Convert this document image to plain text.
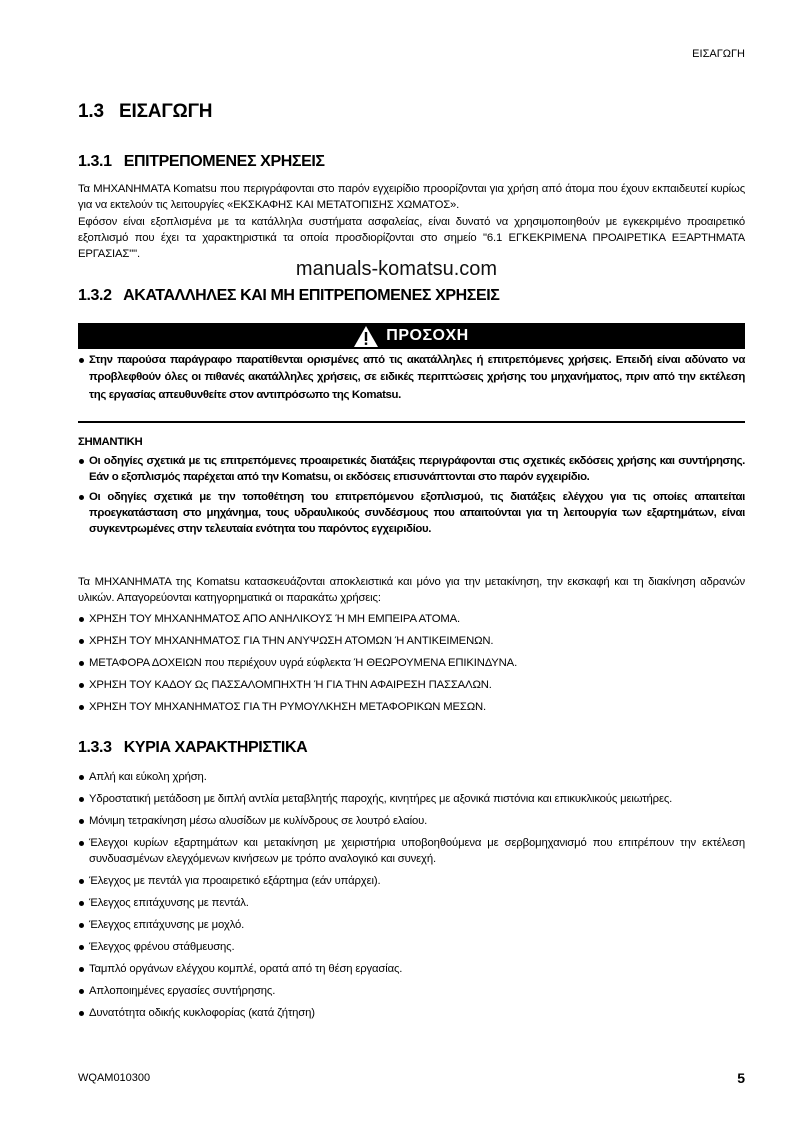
ΕΙΣΑΓΩΓΗ
1.3   ΕΙΣΑΓΩΓΗ
1.3.1   ΕΠΙΤΡΕΠΟΜΕΝΕΣ ΧΡΗΣΕΙΣ

Τα ΜΗΧΑΝΗΜΑΤΑ Komatsu που περιγράφονται στο παρόν εγχειρίδιο προορίζονται για χρήση από άτομα που έχουν εκπαιδευτεί κυρίως για να εκτελούν τις λειτουργίες «ΕΚΣΚΑΦΗΣ ΚΑΙ ΜΕΤΑΤΟΠΙΣΗΣ ΧΩΜΑΤΟΣ».

Εφόσον είναι εξοπλισμένα με τα κατάλληλα συστήματα ασφαλείας, είναι δυνατό να χρησιμοποιηθούν με εγκεκριμένο προαιρετικό εξοπλισμό που έχει τα χαρακτηριστικά τα οποία προσδιορίζονται στο σημείο "6.1 ΕΓΚΕΚΡΙΜΕΝΑ ΠΡΟΑΙΡΕΤΙΚΑ ΕΞΑΡΤΗΜΑΤΑ ΕΡΓΑΣΙΑΣ"".

manuals-komatsu.com
1.3.2   ΑΚΑΤΑΛΛΗΛΕΣ ΚΑΙ ΜΗ ΕΠΙΤΡΕΠΟΜΕΝΕΣ ΧΡΗΣΕΙΣ
ΠΡΟΣΟΧΗ
Στην παρούσα παράγραφο παρατίθενται ορισμένες από τις ακατάλληλες ή επιτρεπόμενες χρήσεις. Επειδή είναι αδύνατο να προβλεφθούν όλες οι πιθανές ακατάλληλες χρήσεις, σε ειδικές περιπτώσεις χρήσης του μηχανήματος, πριν από την εκτέλεση της εργασίας απευθυνθείτε στον αντιπρόσωπο της Komatsu.
ΣΗΜΑΝΤΙΚΗ
Οι οδηγίες σχετικά με τις επιτρεπόμενες προαιρετικές διατάξεις περιγράφονται στις σχετικές εκδόσεις χρήσης και συντήρησης. Εάν ο εξοπλισμός παρέχεται από την Komatsu, οι εκδόσεις επισυνάπτονται στο παρόν εγχειρίδιο.
Οι οδηγίες σχετικά με την τοποθέτηση του επιτρεπόμενου εξοπλισμού, τις διατάξεις ελέγχου για τις οποίες απαιτείται προεγκατάσταση στο μηχάνημα, τους υδραυλικούς συνδέσμους που απαιτούνται για τη λειτουργία των εξαρτημάτων, είναι συγκεντρωμένες στην τελευταία ενότητα του παρόντος εγχειριδίου.
Τα ΜΗΧΑΝΗΜΑΤΑ της Komatsu κατασκευάζονται αποκλειστικά και μόνο για την μετακίνηση, την εκσκαφή και τη διακίνηση αδρανών υλικών. Απαγορεύονται κατηγορηματικά οι παρακάτω χρήσεις:
ΧΡΗΣΗ ΤΟΥ ΜΗΧΑΝΗΜΑΤΟΣ ΑΠΟ ΑΝΗΛΙΚΟΥΣ Ή ΜΗ ΕΜΠΕΙΡΑ ΑΤΟΜΑ.
ΧΡΗΣΗ ΤΟΥ ΜΗΧΑΝΗΜΑΤΟΣ ΓΙΑ ΤΗΝ ΑΝΥΨΩΣΗ ΑΤΟΜΩΝ Ή ΑΝΤΙΚΕΙΜΕΝΩΝ.
ΜΕΤΑΦΟΡΑ ΔΟΧΕΙΩΝ που περιέχουν υγρά εύφλεκτα Ή ΘΕΩΡΟΥΜΕΝΑ ΕΠΙΚΙΝΔΥΝΑ.
ΧΡΗΣΗ ΤΟΥ ΚΑΔΟΥ Ως ΠΑΣΣΑΛΟΜΠΗΧΤΗ Ή ΓΙΑ ΤΗΝ ΑΦΑΙΡΕΣΗ ΠΑΣΣΑΛΩΝ.
ΧΡΗΣΗ ΤΟΥ ΜΗΧΑΝΗΜΑΤΟΣ ΓΙΑ ΤΗ ΡΥΜΟΥΛΚΗΣΗ ΜΕΤΑΦΟΡΙΚΩΝ ΜΕΣΩΝ.
1.3.3   ΚΥΡΙΑ ΧΑΡΑΚΤΗΡΙΣΤΙΚΑ
Απλή και εύκολη χρήση.
Υδροστατική μετάδοση με διπλή αντλία μεταβλητής παροχής, κινητήρες με αξονικά πιστόνια και επικυκλικούς μειωτήρες.
Μόνιμη τετρακίνηση μέσω αλυσίδων με κυλίνδρους σε λουτρό ελαίου.
Έλεγχοι κυρίων εξαρτημάτων και μετακίνηση με χειριστήρια υποβοηθούμενα με σερβομηχανισμό που επιτρέπουν την εκτέλεση συνδυασμένων ελεγχόμενων κινήσεων με τρόπο αναλογικό και συνεχή.
Έλεγχος με πεντάλ για προαιρετικό εξάρτημα (εάν υπάρχει).
Έλεγχος επιτάχυνσης με πεντάλ.
Έλεγχος επιτάχυνσης με μοχλό.
Έλεγχος φρένου στάθμευσης.
Ταμπλό οργάνων ελέγχου κομπλέ, ορατά από τη θέση εργασίας.
Απλοποιημένες εργασίες συντήρησης.
Δυνατότητα οδικής κυκλοφορίας (κατά ζήτηση)
WQAM010300	5
